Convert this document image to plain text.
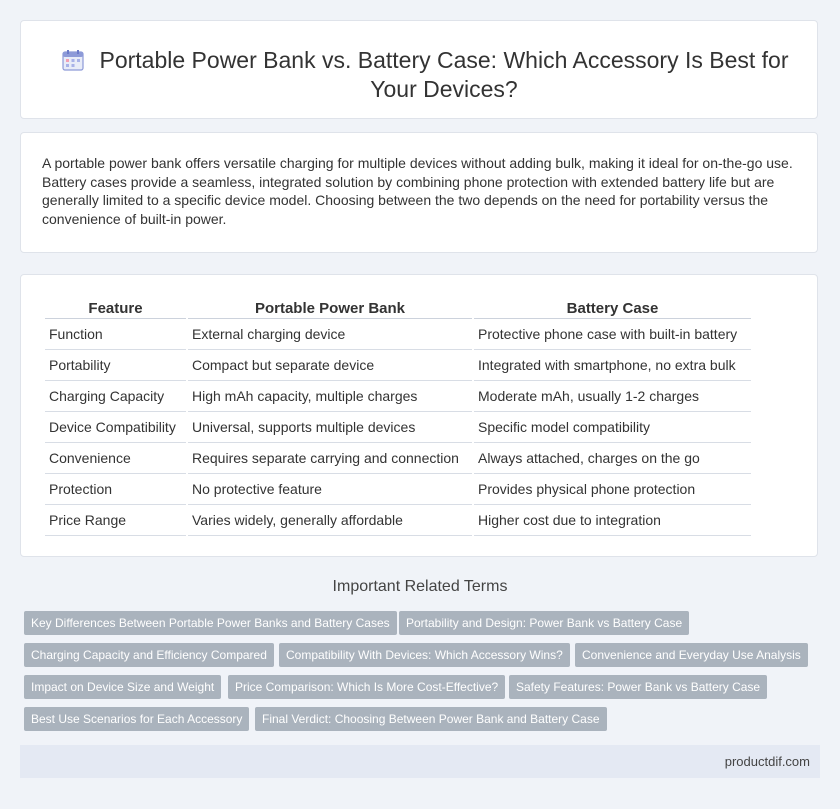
Portable Power Bank vs. Battery Case: Which Accessory Is Best for Your Devices?

A portable power bank offers versatile charging for multiple devices without adding bulk, making it ideal for on-the-go use. Battery cases provide a seamless, integrated solution by combining phone protection with extended battery life but are generally limited to a specific device model. Choosing between the two depends on the need for portability versus the convenience of built-in power.

Feature	Portable Power Bank	Battery Case
Function	External charging device	Protective phone case with built-in battery
Portability	Compact but separate device	Integrated with smartphone, no extra bulk
Charging Capacity	High mAh capacity, multiple charges	Moderate mAh, usually 1-2 charges
Device Compatibility	Universal, supports multiple devices	Specific model compatibility
Convenience	Requires separate carrying and connection	Always attached, charges on the go
Protection	No protective feature	Provides physical phone protection
Price Range	Varies widely, generally affordable	Higher cost due to integration
Important Related Terms
Key Differences Between Portable Power Banks and Battery Cases	Portability and Design: Power Bank vs Battery Case
Charging Capacity and Efficiency Compared	Compatibility With Devices: Which Accessory Wins?	Convenience and Everyday Use Analysis
Impact on Device Size and Weight	Price Comparison: Which Is More Cost-Effective?	Safety Features: Power Bank vs Battery Case
Best Use Scenarios for Each Accessory	Final Verdict: Choosing Between Power Bank and Battery Case
productdif.com
